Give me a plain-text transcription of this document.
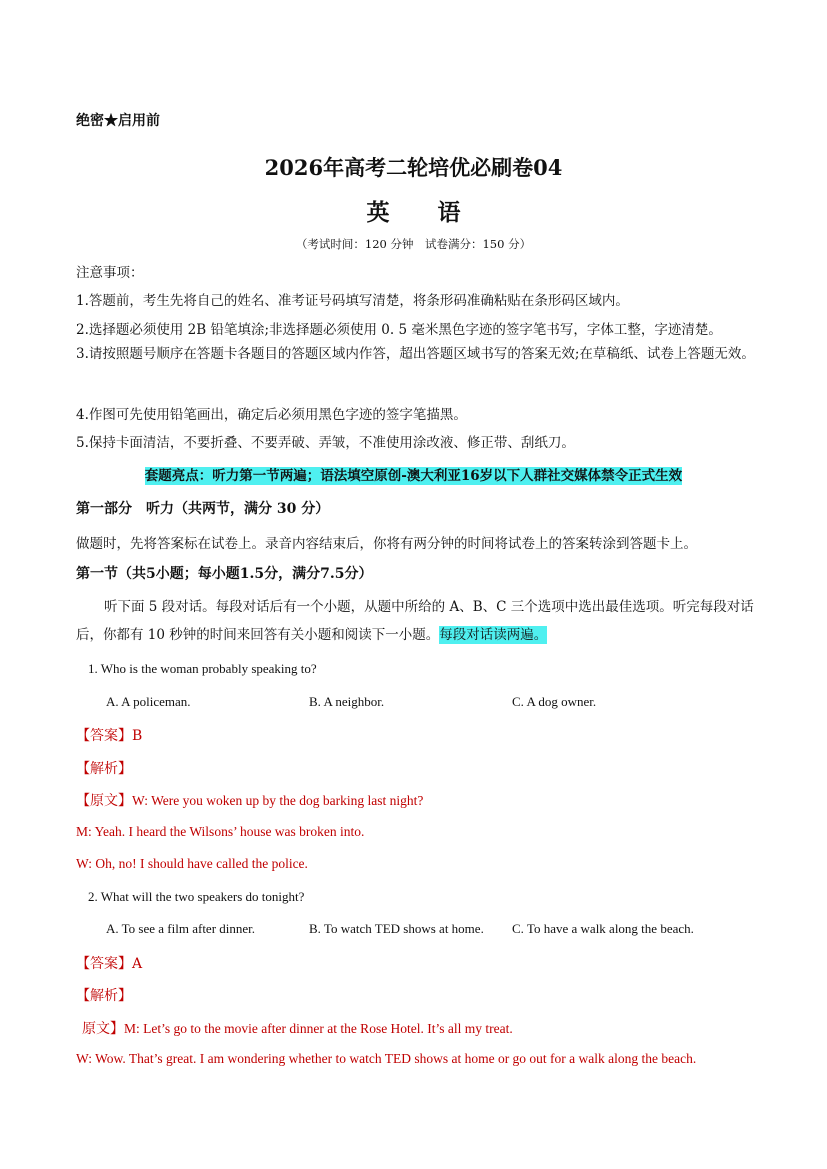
绝密★启用前
2026年高考二轮培优必刷卷04
英 语
（考试时间：120 分钟　试卷满分：150 分）
注意事项：
1.答题前，考生先将自己的姓名、准考证号码填写清楚，将条形码准确粘贴在条形码区域内。
2.选择题必须使用 2B 铅笔填涂;非选择题必须使用 0. 5 毫米黑色字迹的签字笔书写，字体工整，字迹清楚。
3.请按照题号顺序在答题卡各题目的答题区域内作答，超出答题区域书写的答案无效;在草稿纸、试卷上答题无效。
4.作图可先使用铅笔画出，确定后必须用黑色字迹的签字笔描黑。
5.保持卡面清洁，不要折叠、不要弄破、弄皱，不准使用涂改液、修正带、刮纸刀。
套题亮点：听力第一节两遍；语法填空原创-澳大利亚16岁以下人群社交媒体禁令正式生效
第一部分　听力（共两节，满分 30 分）
做题时，先将答案标在试卷上。录音内容结束后，你将有两分钟的时间将试卷上的答案转涂到答题卡上。
第一节（共5小题；每小题1.5分，满分7.5分）
听下面 5 段对话。每段对话后有一个小题，从题中所给的 A、B、C 三个选项中选出最佳选项。听完每段对话后，你都有 10 秒钟的时间来回答有关小题和阅读下一小题。每段对话读两遍。
1. Who is the woman probably speaking to?
A. A policeman.	B. A neighbor.	C. A dog owner.
【答案】B
【解析】
【原文】W: Were you woken up by the dog barking last night?
M: Yeah. I heard the Wilsons’ house was broken into.
W: Oh, no! I should have called the police.
2. What will the two speakers do tonight?
A. To see a film after dinner.	B. To watch TED shows at home. C. To have a walk along the beach.
【答案】A
【解析】
原文】M: Let’s go to the movie after dinner at the Rose Hotel. It’s all my treat.
W: Wow. That’s great. I am wondering whether to watch TED shows at home or go out for a walk along the beach.
